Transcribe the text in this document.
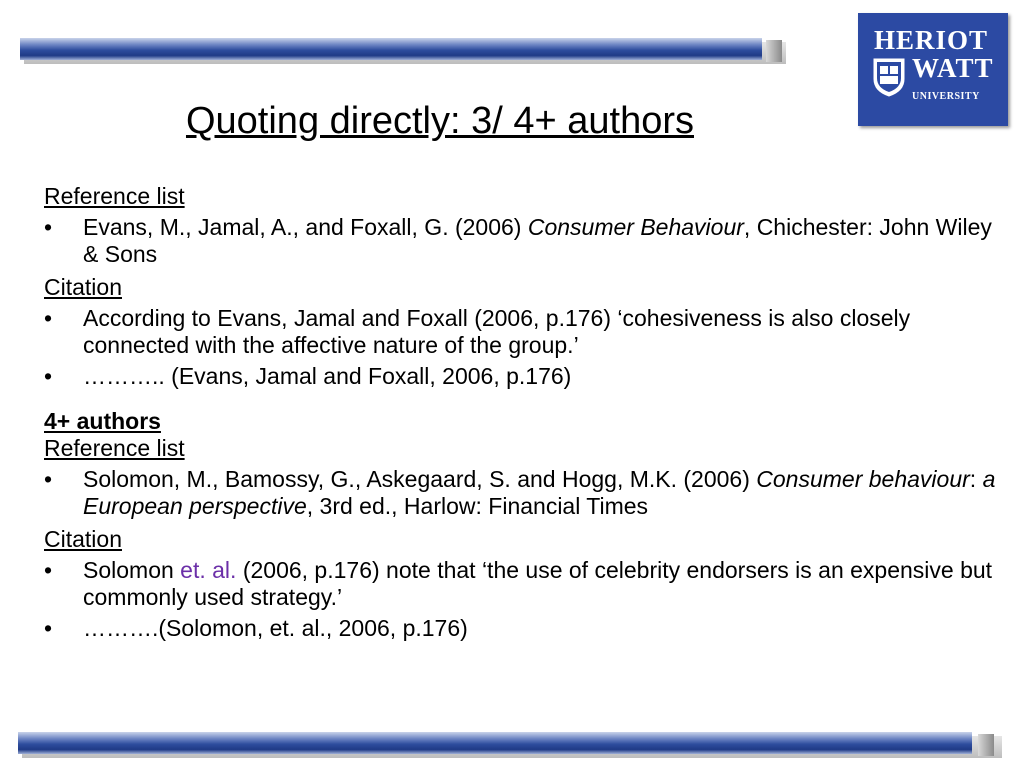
HERIOT
WATT
UNIVERSITY
Quoting directly: 3/ 4+ authors

Reference list

•	Evans, M., Jamal, A., and Foxall, G. (2006) Consumer Behaviour, Chichester: John Wiley & Sons

Citation

•	According to Evans, Jamal and Foxall (2006, p.176) ‘cohesiveness is also closely connected with the affective nature of the group.’
•	……….. (Evans, Jamal and Foxall, 2006, p.176)

4+ authors

Reference list

•	Solomon, M., Bamossy, G., Askegaard, S. and Hogg, M.K. (2006) Consumer behaviour: a European perspective, 3rd ed., Harlow: Financial Times

Citation

•	Solomon et. al. (2006, p.176) note that ‘the use of celebrity endorsers is an expensive but commonly used strategy.’
•	……….(Solomon, et. al., 2006, p.176)
